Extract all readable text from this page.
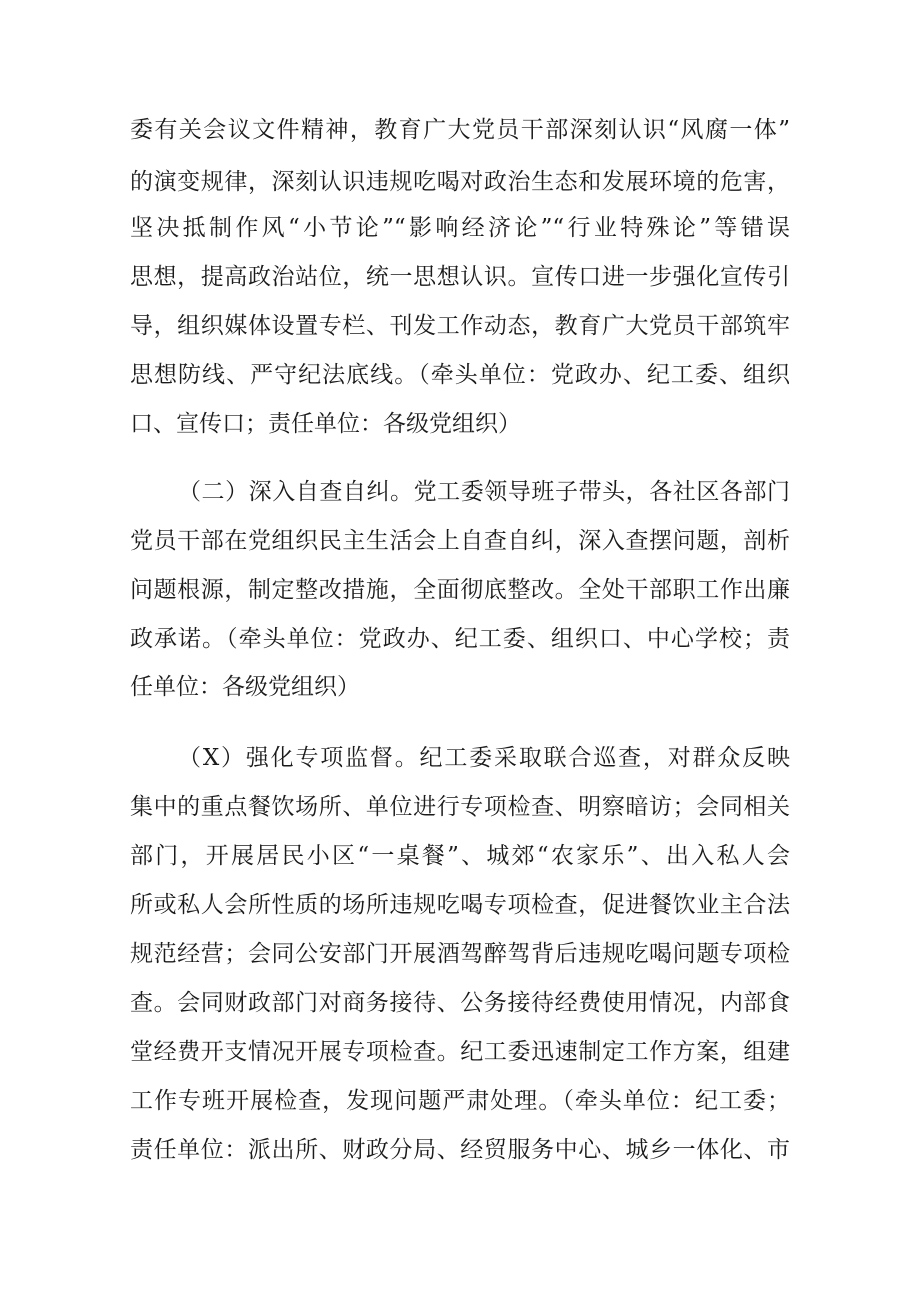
委有关会议文件精神，教育广大党员干部深刻认识“风腐一体”
的演变规律，深刻认识违规吃喝对政治生态和发展环境的危害，
坚决抵制作风“小节论”“影响经济论”“行业特殊论”等错误
思想，提高政治站位，统一思想认识。宣传口进一步强化宣传引
导，组织媒体设置专栏、刊发工作动态，教育广大党员干部筑牢
思想防线、严守纪法底线。（牵头单位：党政办、纪工委、组织
口、宣传口；责任单位：各级党组织）
（二）深入自查自纠。党工委领导班子带头，各社区各部门
党员干部在党组织民主生活会上自查自纠，深入查摆问题，剖析
问题根源，制定整改措施，全面彻底整改。全处干部职工作出廉
政承诺。（牵头单位：党政办、纪工委、组织口、中心学校；责
任单位：各级党组织）
（X）强化专项监督。纪工委采取联合巡查，对群众反映
集中的重点餐饮场所、单位进行专项检查、明察暗访；会同相关
部门，开展居民小区“一桌餐”、城郊“农家乐”、出入私人会
所或私人会所性质的场所违规吃喝专项检查，促进餐饮业主合法
规范经营；会同公安部门开展酒驾醉驾背后违规吃喝问题专项检
查。会同财政部门对商务接待、公务接待经费使用情况，内部食
堂经费开支情况开展专项检查。纪工委迅速制定工作方案，组建
工作专班开展检查，发现问题严肃处理。（牵头单位：纪工委；
责任单位：派出所、财政分局、经贸服务中心、城乡一体化、市
